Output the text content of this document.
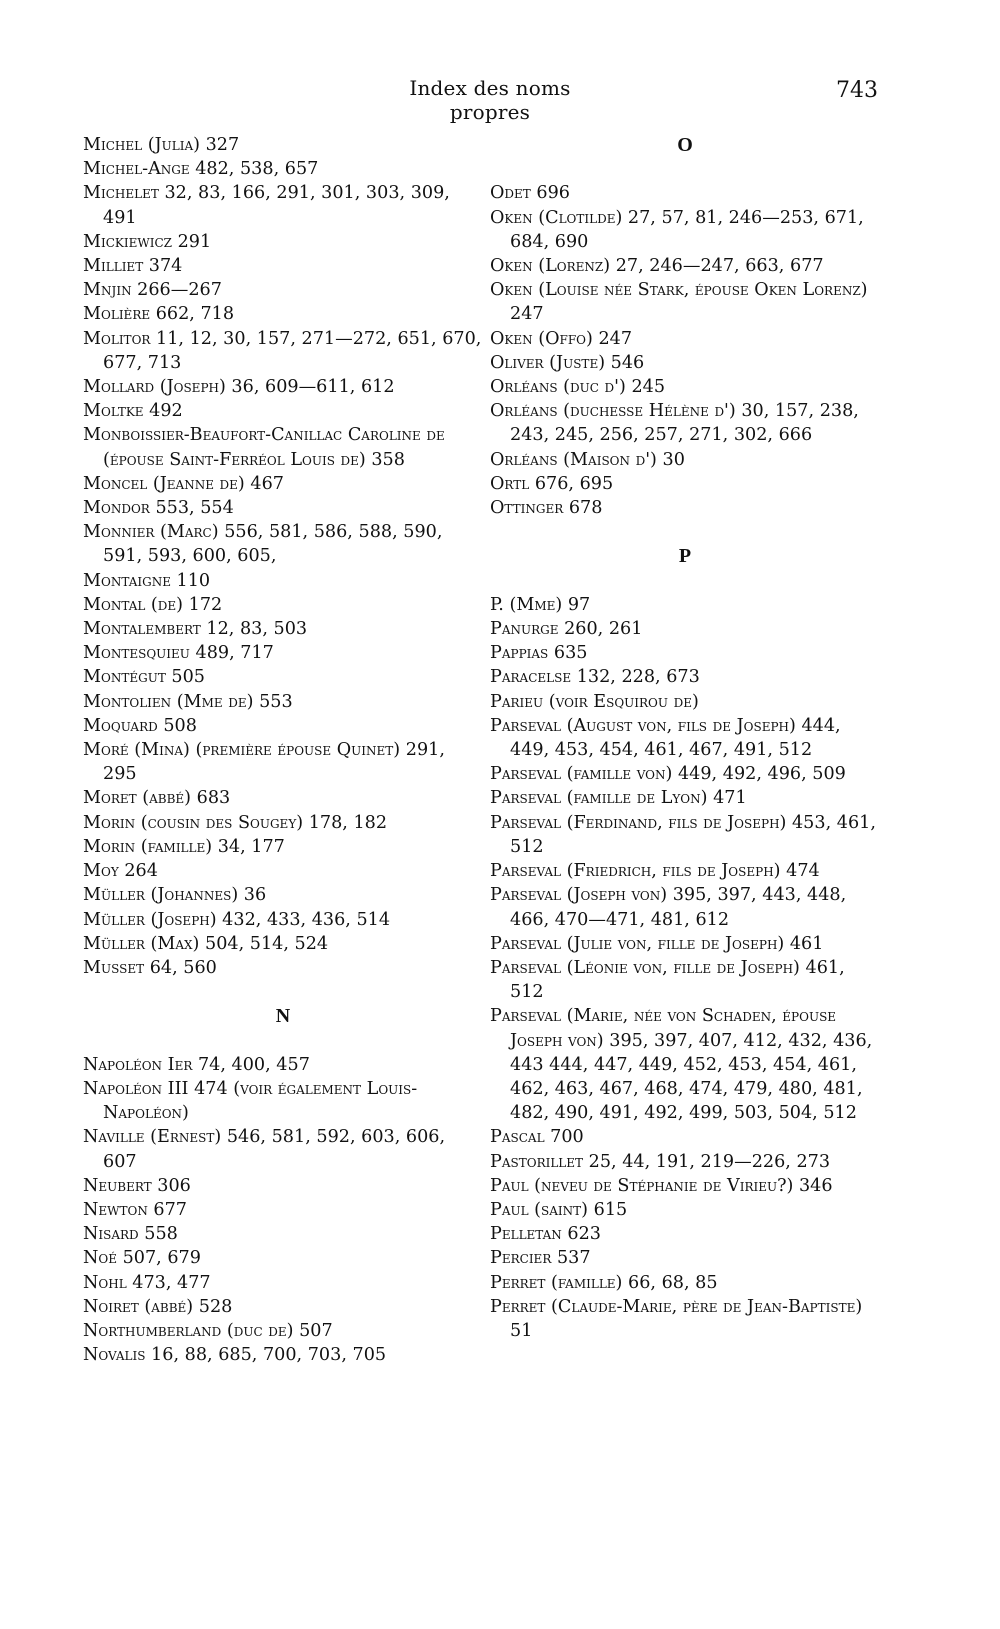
Index des noms propres
743
Michel (Julia) 327
Michel-Ange 482, 538, 657
Michelet 32, 83, 166, 291, 301, 303, 309, 491
Mickiewicz 291
Milliet 374
Mnjin 266—267
Molière 662, 718
Molitor 11, 12, 30, 157, 271—272, 651, 670, 677, 713
Mollard (Joseph) 36, 609—611, 612
Moltke 492
Monboissier-Beaufort-Canillac Caroline de (épouse Saint-Ferréol Louis de) 358
Moncel (Jeanne de) 467
Mondor 553, 554
Monnier (Marc) 556, 581, 586, 588, 590, 591, 593, 600, 605,
Montaigne 110
Montal (de) 172
Montalembert 12, 83, 503
Montesquieu 489, 717
Montégut 505
Montolien (Mme de) 553
Moquard 508
Moré (Mina) (première épouse Quinet) 291, 295
Moret (abbé) 683
Morin (cousin des Sougey) 178, 182
Morin (famille) 34, 177
Moy 264
Müller (Johannes) 36
Müller (Joseph) 432, 433, 436, 514
Müller (Max) 504, 514, 524
Musset 64, 560

N

Napoléon Ier 74, 400, 457
Napoléon III 474 (voir également Louis-Napoléon)
Naville (Ernest) 546, 581, 592, 603, 606, 607
Neubert 306
Newton 677
Nisard 558
Noé 507, 679
Nohl 473, 477
Noiret (abbé) 528
Northumberland (duc de) 507
Novalis 16, 88, 685, 700, 703, 705
O

Odet 696
Oken (Clotilde) 27, 57, 81, 246—253, 671, 684, 690
Oken (Lorenz) 27, 246—247, 663, 677
Oken (Louise née Stark, épouse Oken Lorenz) 247
Oken (Offo) 247
Oliver (Juste) 546
Orléans (duc d') 245
Orléans (duchesse Hélène d') 30, 157, 238, 243, 245, 256, 257, 271, 302, 666
Orléans (Maison d') 30
Ortl 676, 695
Ottinger 678

P

P. (Mme) 97
Panurge 260, 261
Pappias 635
Paracelse 132, 228, 673
Parieu (voir Esquirou de)
Parseval (August von, fils de Joseph) 444, 449, 453, 454, 461, 467, 491, 512
Parseval (famille von) 449, 492, 496, 509
Parseval (famille de Lyon) 471
Parseval (Ferdinand, fils de Joseph) 453, 461, 512
Parseval (Friedrich, fils de Joseph) 474
Parseval (Joseph von) 395, 397, 443, 448, 466, 470—471, 481, 612
Parseval (Julie von, fille de Joseph) 461
Parseval (Léonie von, fille de Joseph) 461, 512
Parseval (Marie, née von Schaden, épouse Joseph von) 395, 397, 407, 412, 432, 436, 443 444, 447, 449, 452, 453, 454, 461, 462, 463, 467, 468, 474, 479, 480, 481, 482, 490, 491, 492, 499, 503, 504, 512
Pascal 700
Pastorillet 25, 44, 191, 219—226, 273
Paul (neveu de Stéphanie de Virieu?) 346
Paul (saint) 615
Pelletan 623
Percier 537
Perret (famille) 66, 68, 85
Perret (Claude-Marie, père de Jean-Baptiste) 51
